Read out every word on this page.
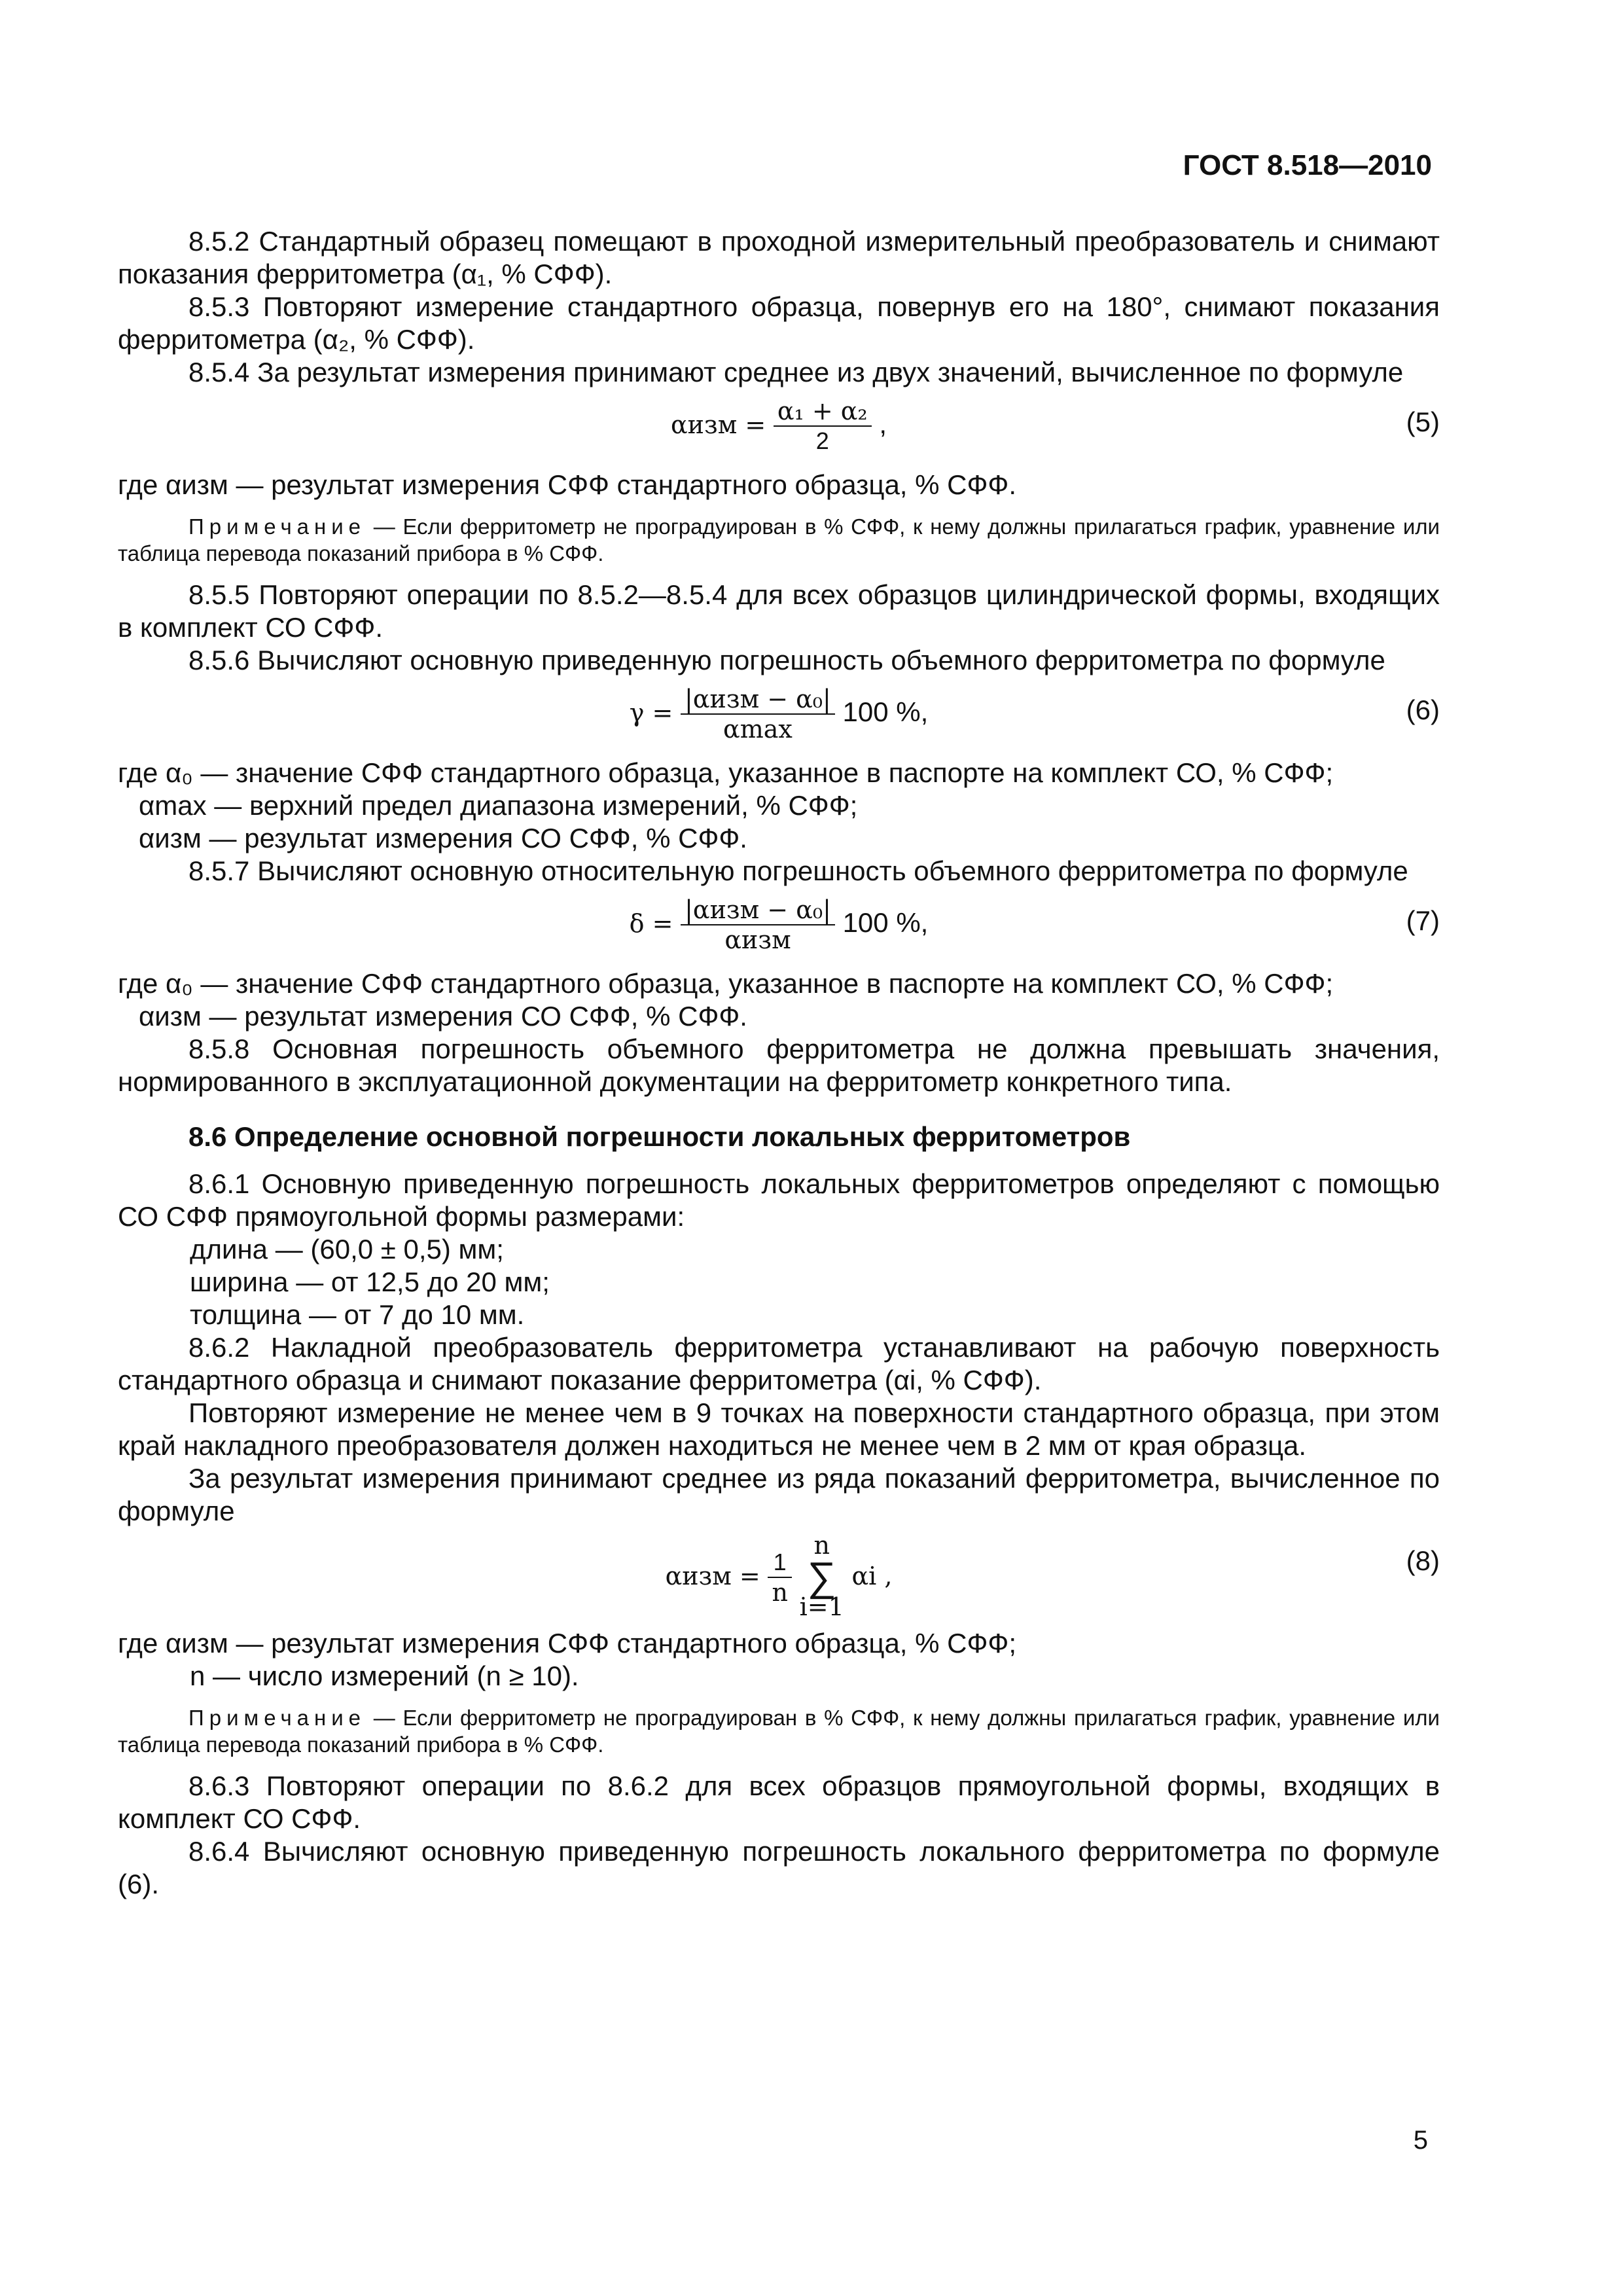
ГОСТ 8.518—2010

8.5.2 Стандартный образец помещают в проходной измерительный преобразователь и снимают показания ферритометра (α₁, % СФФ).

8.5.3 Повторяют измерение стандартного образца, повернув его на 180°, снимают показания ферритометра (α₂, % СФФ).

8.5.4 За результат измерения принимают среднее из двух значений, вычисленное по формуле

$\alpha изм = \frac{\text{α₁ + α₂}}{2}$ ,	(5)

где αизм — результат измерения СФФ стандартного образца, % СФФ.

Примечание — Если ферритометр не проградуирован в % СФФ, к нему должны прилагаться график, уравнение или таблица перевода показаний прибора в % СФФ.

8.5.5 Повторяют операции по 8.5.2—8.5.4 для всех образцов цилиндрической формы, входящих в комплект СО СФФ.

8.5.6 Вычисляют основную приведенную погрешность объемного ферритометра по формуле

$\gamma = \frac{\text{|αизм − α₀|}}{\alpha\max} 100$ %,	(6)

где α₀ — значение СФФ стандартного образца, указанное в паспорте на комплект СО, % СФФ;

αmax — верхний предел диапазона измерений, % СФФ;

αизм — результат измерения СО СФФ, % СФФ.

8.5.7 Вычисляют основную относительную погрешность объемного ферритометра по формуле

$\delta = \frac{\text{|αизм − α₀|}}{\text{αизм}} 100$ %,	(7)

где α₀ — значение СФФ стандартного образца, указанное в паспорте на комплект СО, % СФФ;

αизм — результат измерения СО СФФ, % СФФ.

8.5.8 Основная погрешность объемного ферритометра не должна превышать значения, нормированного в эксплуатационной документации на ферритометр конкретного типа.

8.6 Определение основной погрешности локальных ферритометров

8.6.1 Основную приведенную погрешность локальных ферритометров определяют с помощью СО СФФ прямоугольной формы размерами:

длина — (60,0 ± 0,5) мм;

ширина — от 12,5 до 20 мм;

толщина — от 7 до 10 мм.

8.6.2 Накладной преобразователь ферритометра устанавливают на рабочую поверхность стандартного образца и снимают показание ферритометра (αi, % СФФ).

Повторяют измерение не менее чем в 9 точках на поверхности стандартного образца, при этом край накладного преобразователя должен находиться не менее чем в 2 мм от края образца.

За результат измерения принимают среднее из ряда показаний ферритометра, вычисленное по формуле

$\alpha изм = \frac{1}{n}$
n
∑
i=1 αi ,
(8)

где αизм — результат измерения СФФ стандартного образца, % СФФ;

n — число измерений (n ≥ 10).

Примечание — Если ферритометр не проградуирован в % СФФ, к нему должны прилагаться график, уравнение или таблица перевода показаний прибора в % СФФ.

8.6.3 Повторяют операции по 8.6.2 для всех образцов прямоугольной формы, входящих в комплект СО СФФ.

8.6.4 Вычисляют основную приведенную погрешность локального ферритометра по формуле (6).

5
